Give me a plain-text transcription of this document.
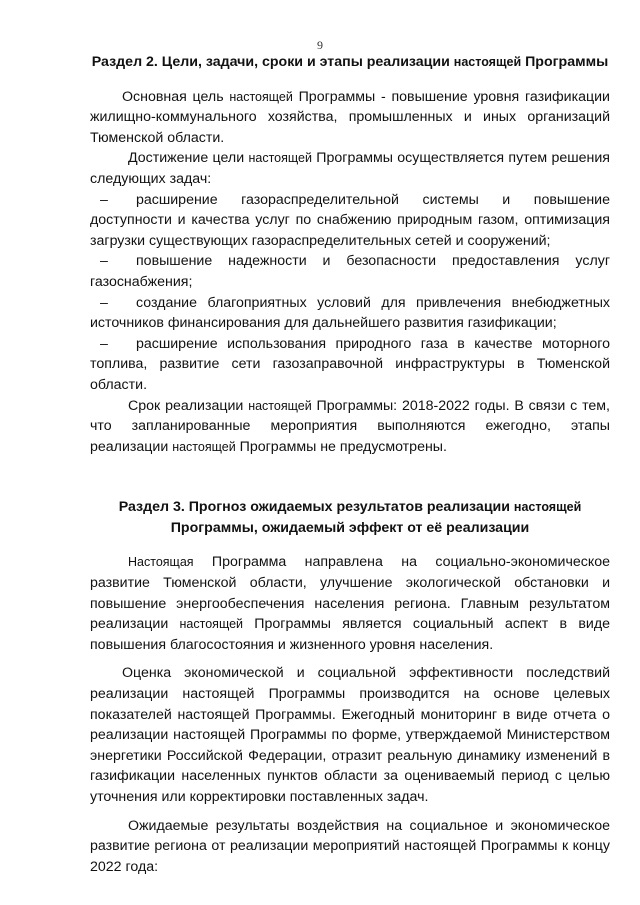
9

Раздел 2. Цели, задачи, сроки и этапы реализации настоящей Программы

Основная цель настоящей Программы - повышение уровня газификации жилищно-коммунального хозяйства, промышленных и иных организаций Тюменской области.

Достижение цели настоящей Программы осуществляется путем решения следующих задач:

– расширение газораспределительной системы и повышение доступности и качества услуг по снабжению природным газом, оптимизация загрузки существующих газораспределительных сетей и сооружений;

– повышение надежности и безопасности предоставления услуг газоснабжения;

– создание благоприятных условий для привлечения внебюджетных источников финансирования для дальнейшего развития газификации;

– расширение использования природного газа в качестве моторного топлива, развитие сети газозаправочной инфраструктуры в Тюменской области.

Срок реализации настоящей Программы: 2018-2022 годы. В связи с тем, что запланированные мероприятия выполняются ежегодно, этапы реализации настоящей Программы не предусмотрены.

Раздел 3. Прогноз ожидаемых результатов реализации настоящей
Программы, ожидаемый эффект от её реализации

Настоящая Программа направлена на социально-экономическое развитие Тюменской области, улучшение экологической обстановки и повышение энергообеспечения населения региона. Главным результатом реализации настоящей Программы является социальный аспект в виде повышения благосостояния и жизненного уровня населения.

Оценка экономической и социальной эффективности последствий реализации настоящей Программы производится на основе целевых показателей настоящей Программы. Ежегодный мониторинг в виде отчета о реализации настоящей Программы по форме, утверждаемой Министерством энергетики Российской Федерации, отразит реальную динамику изменений в газификации населенных пунктов области за оцениваемый период с целью уточнения или корректировки поставленных задач.

Ожидаемые результаты воздействия на социальное и экономическое развитие региона от реализации мероприятий настоящей Программы к концу 2022 года:
